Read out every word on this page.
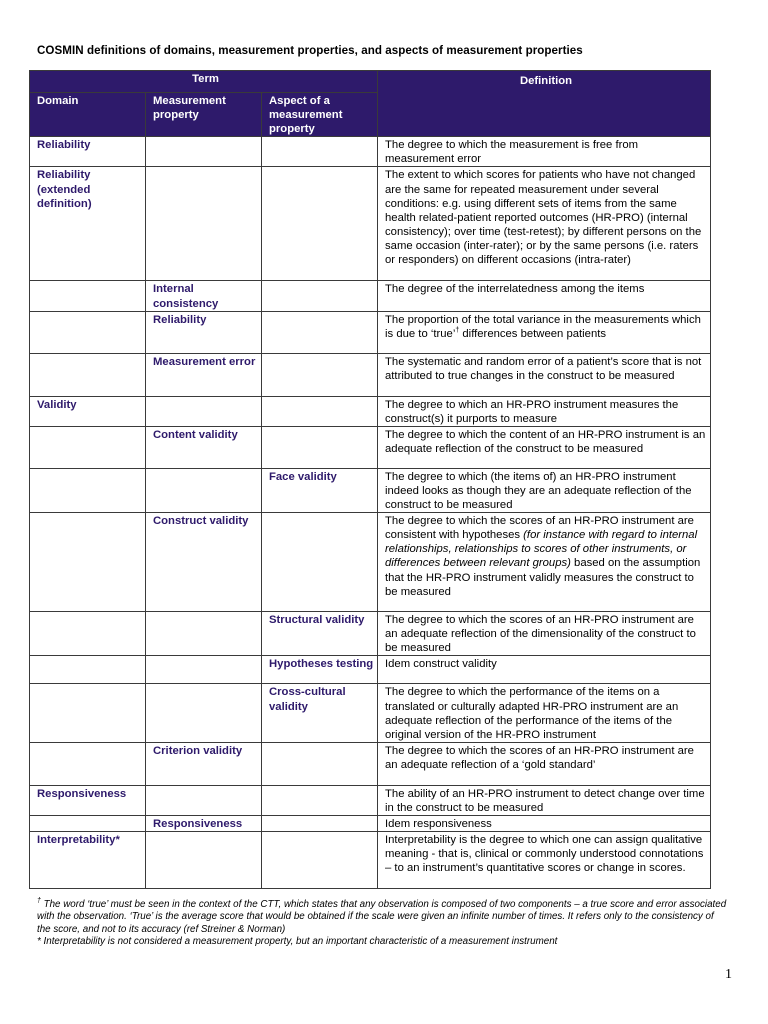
COSMIN definitions of domains, measurement properties, and aspects of measurement properties
Term			Definition
Domain	Measurement property	Aspect of a measurement property	
Reliability			The degree to which the measurement is free from measurement error
Reliability (extended definition)			The extent to which scores for patients who have not changed are the same for repeated measurement under several conditions: e.g. using different sets of items from the same health related-patient reported outcomes (HR-PRO) (internal consistency); over time (test-retest); by different persons on the same occasion (inter-rater); or by the same persons (i.e. raters or responders) on different occasions (intra-rater)
	Internal consistency		The degree of the interrelatedness among the items
	Reliability		The proportion of the total variance in the measurements which is due to ‘true’† differences between patients
	Measurement error		The systematic and random error of a patient’s score that is not attributed to true changes in the construct to be measured
Validity			The degree to which an HR-PRO instrument measures the construct(s) it purports to measure
	Content validity		The degree to which the content of an HR-PRO instrument is an adequate reflection of the construct to be measured
		Face validity	The degree to which (the items of) an HR-PRO instrument indeed looks as though they are an adequate reflection of the construct to be measured
	Construct validity		The degree to which the scores of an HR-PRO instrument are consistent with hypotheses (for instance with regard to internal relationships, relationships to scores of other instruments, or differences between relevant groups) based on the assumption that the HR-PRO instrument validly measures the construct to be measured
		Structural validity	The degree to which the scores of an HR-PRO instrument are an adequate reflection of the dimensionality of the construct to be measured
		Hypotheses testing	Idem construct validity
		Cross-cultural validity	The degree to which the performance of the items on a translated or culturally adapted HR-PRO instrument are an adequate reflection of the performance of the items of the original version of the HR-PRO instrument
	Criterion validity		The degree to which the scores of an HR-PRO instrument are an adequate reflection of a ‘gold standard’
Responsiveness			The ability of an HR-PRO instrument to detect change over time in the construct to be measured
	Responsiveness		Idem responsiveness
Interpretability*			Interpretability is the degree to which one can assign qualitative meaning - that is, clinical or commonly understood connotations – to an instrument’s quantitative scores or change in scores.

† The word ‘true’ must be seen in the context of the CTT, which states that any observation is composed of two components – a true score and error associated with the observation. ‘True’ is the average score that would be obtained if the scale were given an infinite number of times. It refers only to the consistency of the score, and not to its accuracy (ref Streiner & Norman)

* Interpretability is not considered a measurement property, but an important characteristic of a measurement instrument

1
